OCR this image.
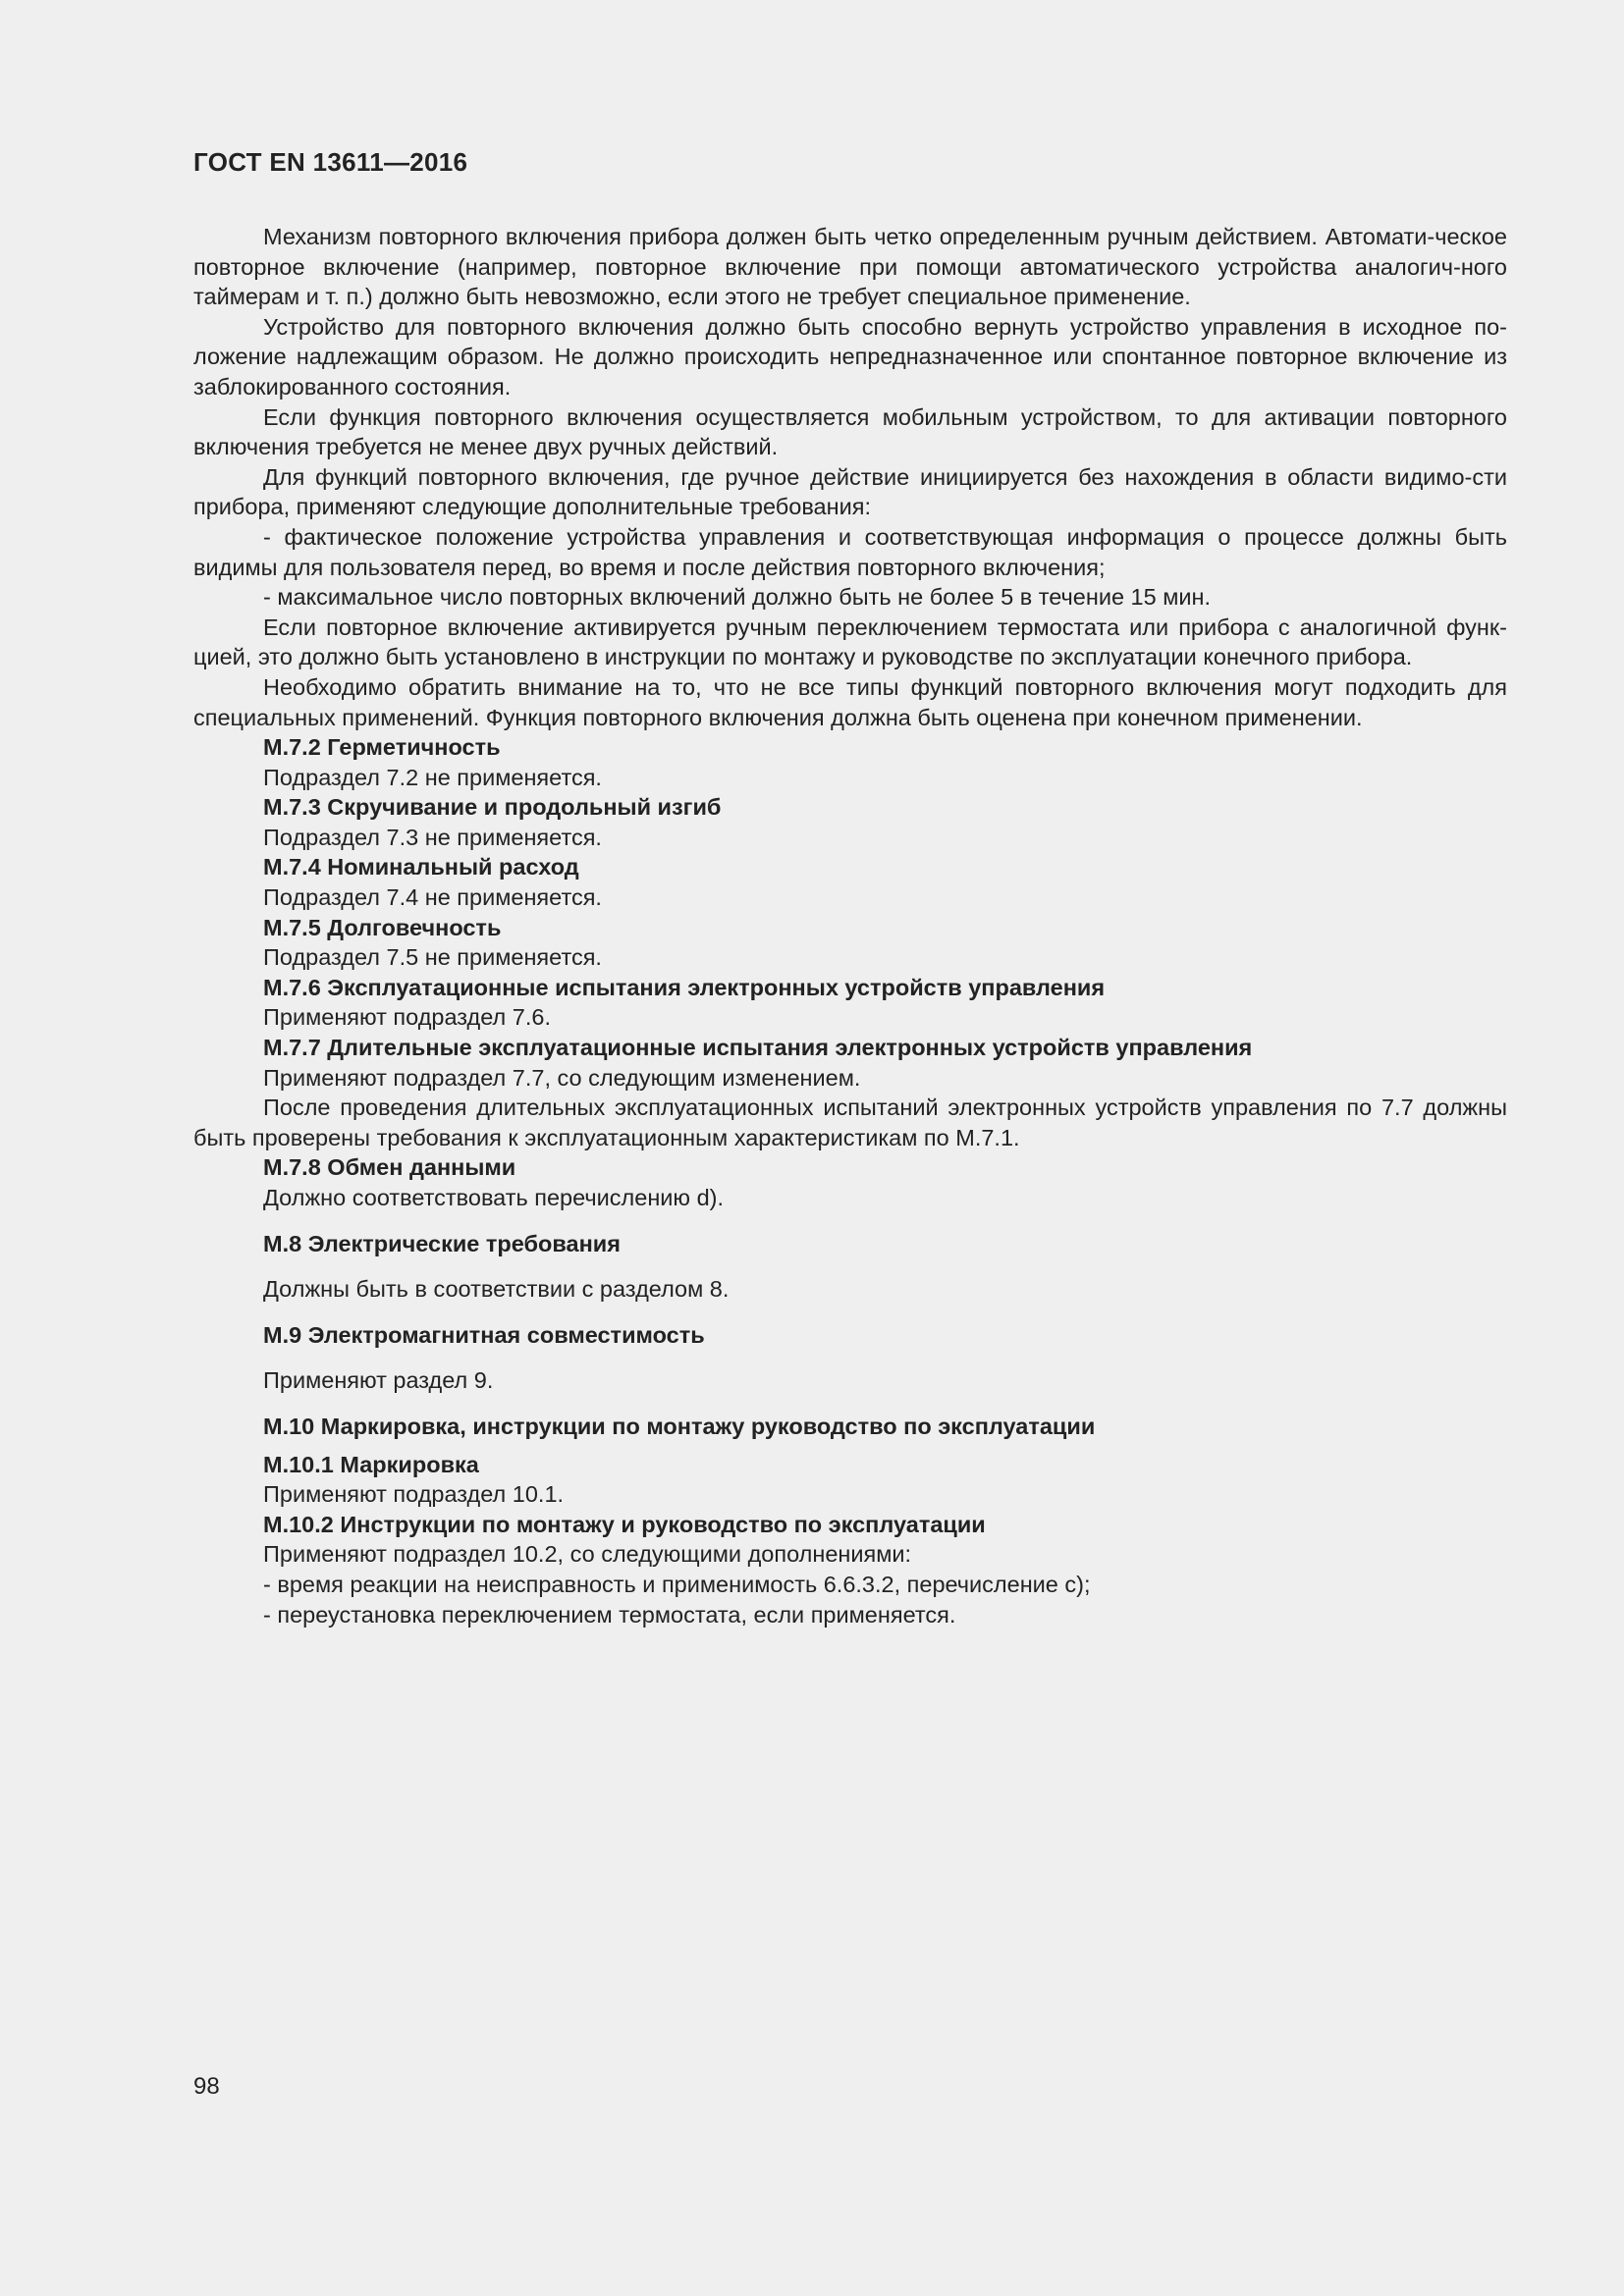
ГОСТ EN 13611—2016

Механизм повторного включения прибора должен быть четко определенным ручным действием. Автомати-ческое повторное включение (например, повторное включение при помощи автоматического устройства аналогич-ного таймерам и т. п.) должно быть невозможно, если этого не требует специальное применение.

Устройство для повторного включения должно быть способно вернуть устройство управления в исходное по-ложение надлежащим образом. Не должно происходить непредназначенное или спонтанное повторное включение из заблокированного состояния.

Если функция повторного включения осуществляется мобильным устройством, то для активации повторного включения требуется не менее двух ручных действий.

Для функций повторного включения, где ручное действие инициируется без нахождения в области видимо-сти прибора, применяют следующие дополнительные требования:

- фактическое положение устройства управления и соответствующая информация о процессе должны быть видимы для пользователя перед, во время и после действия повторного включения;

- максимальное число повторных включений должно быть не более 5 в течение 15 мин.

Если повторное включение активируется ручным переключением термостата или прибора с аналогичной функ-цией, это должно быть установлено в инструкции по монтажу и руководстве по эксплуатации конечного прибора.

Необходимо обратить внимание на то, что не все типы функций повторного включения могут подходить для специальных применений. Функция повторного включения должна быть оценена при конечном применении.

М.7.2 Герметичность

Подраздел 7.2 не применяется.

М.7.3 Скручивание и продольный изгиб

Подраздел 7.3 не применяется.

М.7.4 Номинальный расход

Подраздел 7.4 не применяется.

М.7.5 Долговечность

Подраздел 7.5 не применяется.

М.7.6 Эксплуатационные испытания электронных устройств управления

Применяют подраздел 7.6.

М.7.7 Длительные эксплуатационные испытания электронных устройств управления

Применяют подраздел 7.7, со следующим изменением.

После проведения длительных эксплуатационных испытаний электронных устройств управления по 7.7 должны быть проверены требования к эксплуатационным характеристикам по М.7.1.

М.7.8 Обмен данными

Должно соответствовать перечислению d).

М.8 Электрические требования

Должны быть в соответствии с разделом 8.

М.9 Электромагнитная совместимость

Применяют раздел 9.

М.10 Маркировка, инструкции по монтажу руководство по эксплуатации

М.10.1 Маркировка

Применяют подраздел 10.1.

М.10.2 Инструкции по монтажу и руководство по эксплуатации

Применяют подраздел 10.2, со следующими дополнениями:

- время реакции на неисправность и применимость 6.6.3.2, перечисление с);

- переустановка переключением термостата, если применяется.

98
